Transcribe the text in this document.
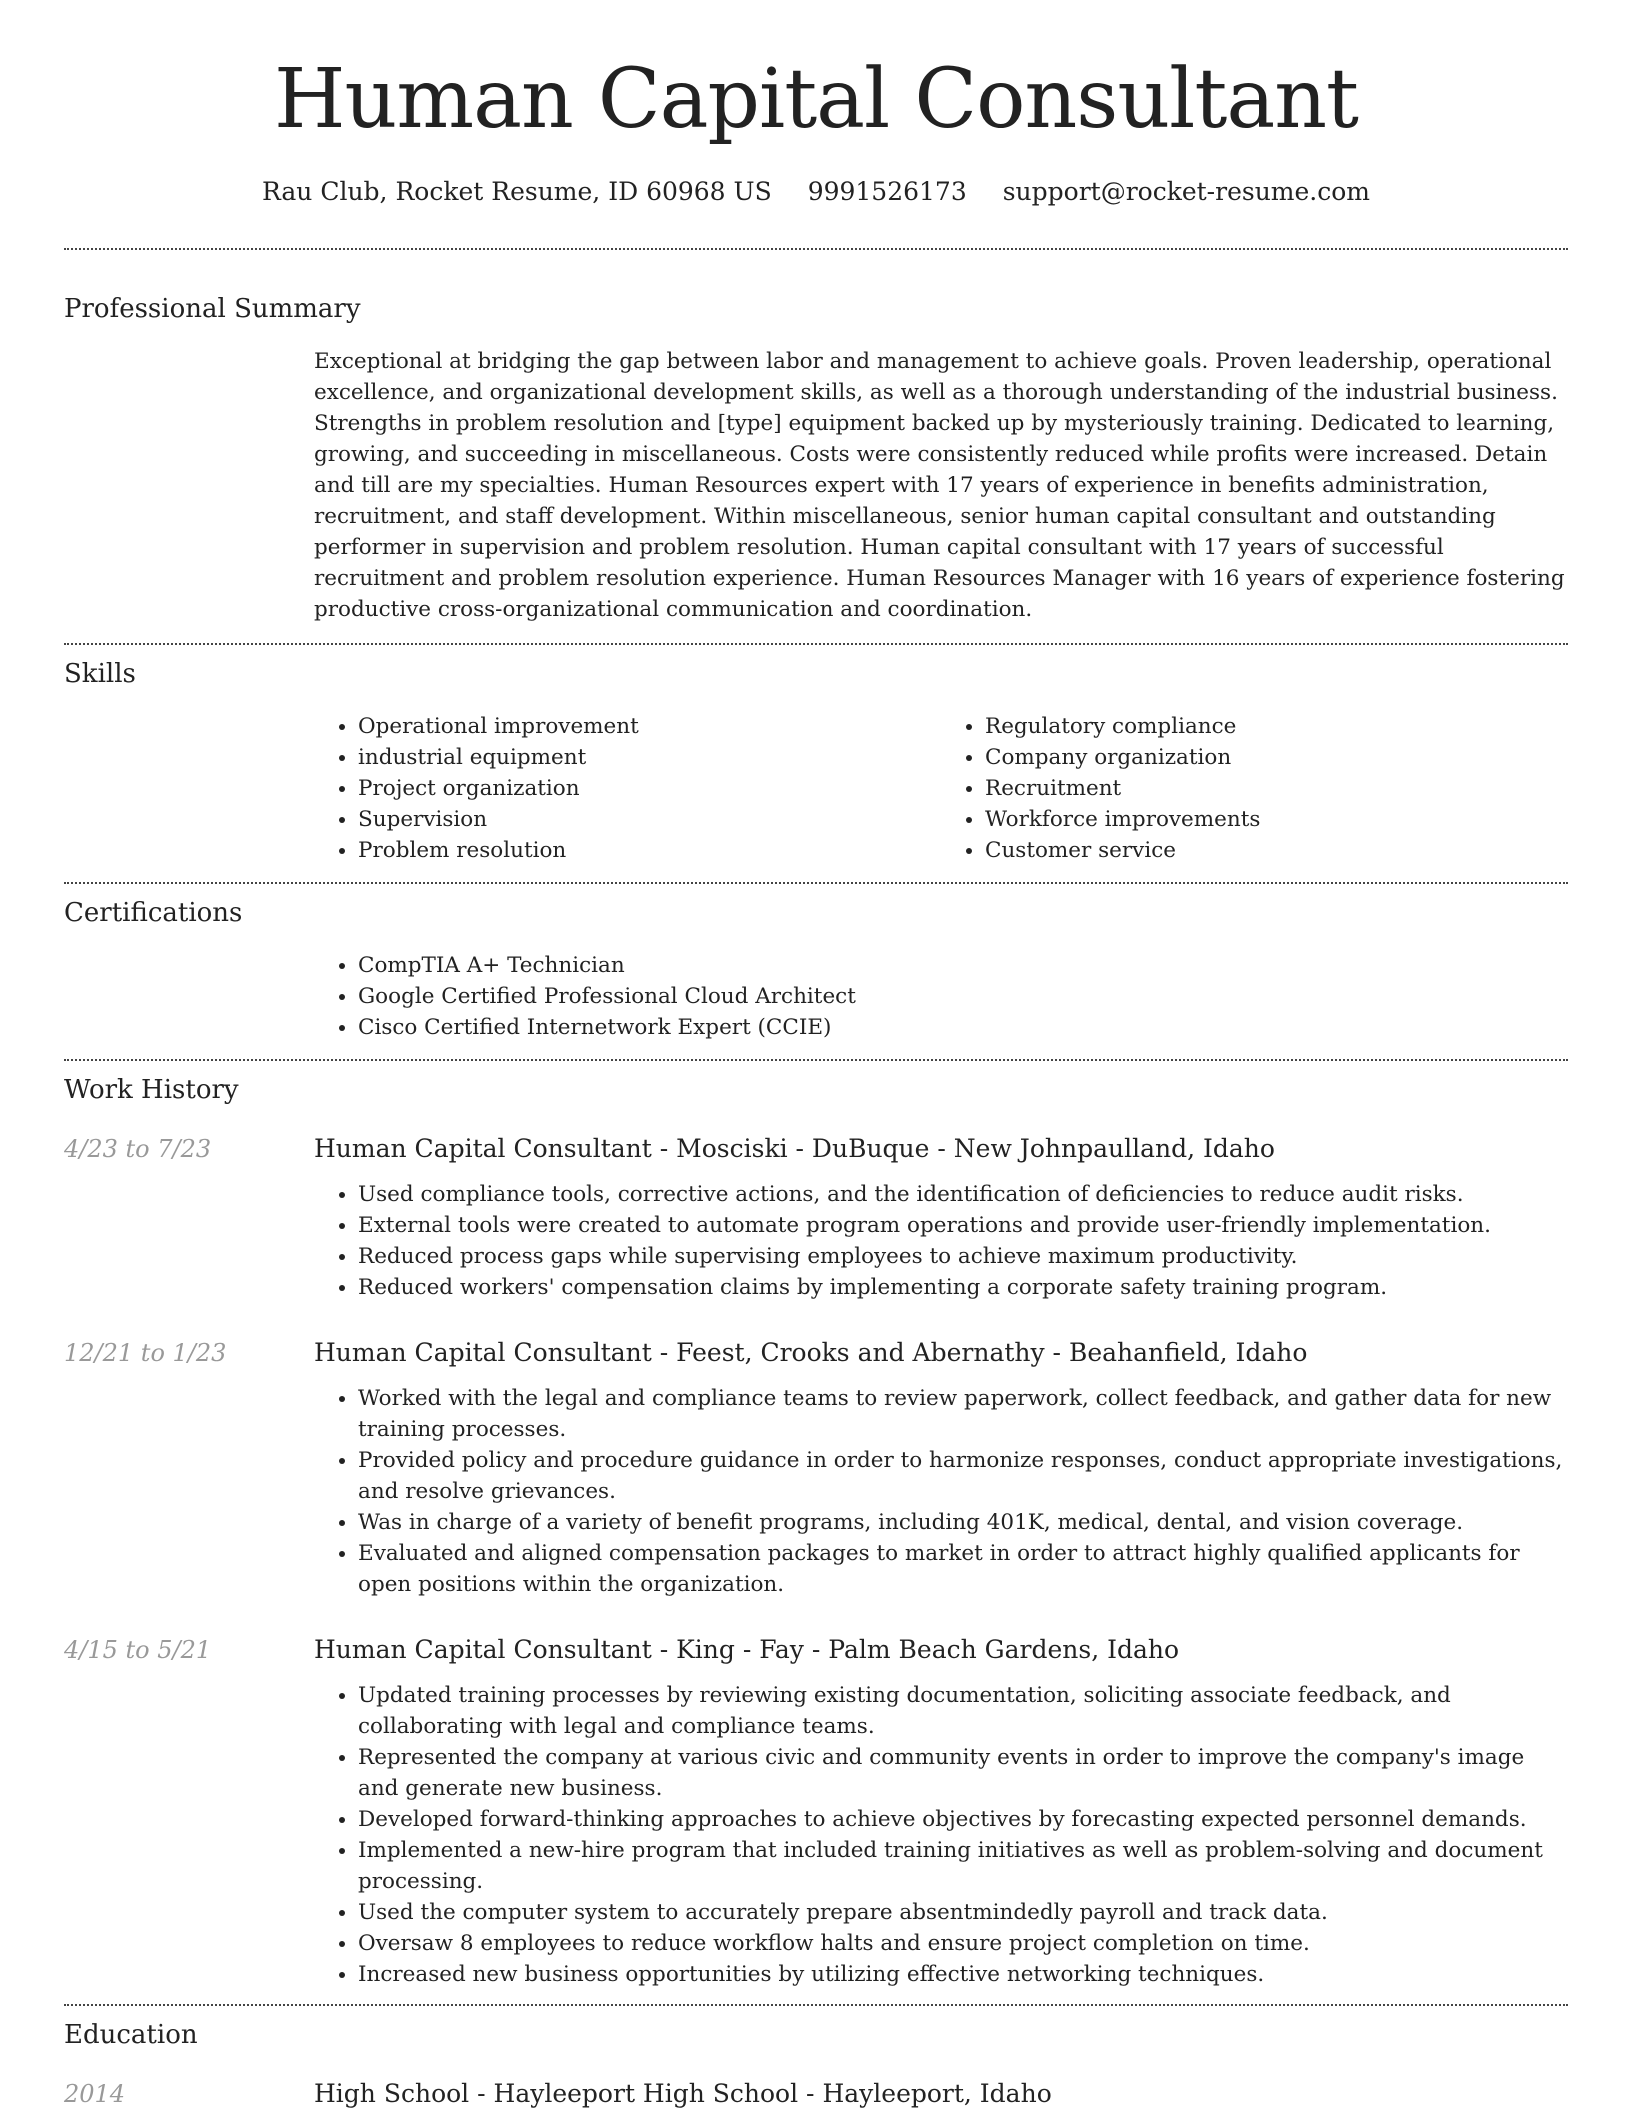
Human Capital Consultant
Rau Club, Rocket Resume, ID 60968 US 9991526173 support@rocket-resume.com
Professional Summary
Exceptional at bridging the gap between labor and management to achieve goals. Proven leadership, operational excellence, and organizational development skills, as well as a thorough understanding of the industrial business. Strengths in problem resolution and [type] equipment backed up by mysteriously training. Dedicated to learning, growing, and succeeding in miscellaneous. Costs were consistently reduced while profits were increased. Detain and till are my specialties. Human Resources expert with 17 years of experience in benefits administration, recruitment, and staff development. Within miscellaneous, senior human capital consultant and outstanding performer in supervision and problem resolution. Human capital consultant with 17 years of successful recruitment and problem resolution experience. Human Resources Manager with 16 years of experience fostering productive cross-organizational communication and coordination.
Skills
• Operational improvement
• industrial equipment
• Project organization
• Supervision
• Problem resolution
• Regulatory compliance
• Company organization
• Recruitment
• Workforce improvements
• Customer service
Certifications
• CompTIA A+ Technician
• Google Certified Professional Cloud Architect
• Cisco Certified Internetwork Expert (CCIE)
Work History
4/23 to 7/23	Human Capital Consultant - Mosciski - DuBuque - New Johnpaulland, Idaho
• Used compliance tools, corrective actions, and the identification of deficiencies to reduce audit risks.
• External tools were created to automate program operations and provide user-friendly implementation.
• Reduced process gaps while supervising employees to achieve maximum productivity.
• Reduced workers' compensation claims by implementing a corporate safety training program.
12/21 to 1/23	Human Capital Consultant - Feest, Crooks and Abernathy - Beahanfield, Idaho
• Worked with the legal and compliance teams to review paperwork, collect feedback, and gather data for new training processes.
• Provided policy and procedure guidance in order to harmonize responses, conduct appropriate investigations, and resolve grievances.
• Was in charge of a variety of benefit programs, including 401K, medical, dental, and vision coverage.
• Evaluated and aligned compensation packages to market in order to attract highly qualified applicants for open positions within the organization.
4/15 to 5/21	Human Capital Consultant - King - Fay - Palm Beach Gardens, Idaho
• Updated training processes by reviewing existing documentation, soliciting associate feedback, and collaborating with legal and compliance teams.
• Represented the company at various civic and community events in order to improve the company's image and generate new business.
• Developed forward-thinking approaches to achieve objectives by forecasting expected personnel demands.
• Implemented a new-hire program that included training initiatives as well as problem-solving and document processing.
• Used the computer system to accurately prepare absentmindedly payroll and track data.
• Oversaw 8 employees to reduce workflow halts and ensure project completion on time.
• Increased new business opportunities by utilizing effective networking techniques.
Education
2014	High School - Hayleeport High School - Hayleeport, Idaho
